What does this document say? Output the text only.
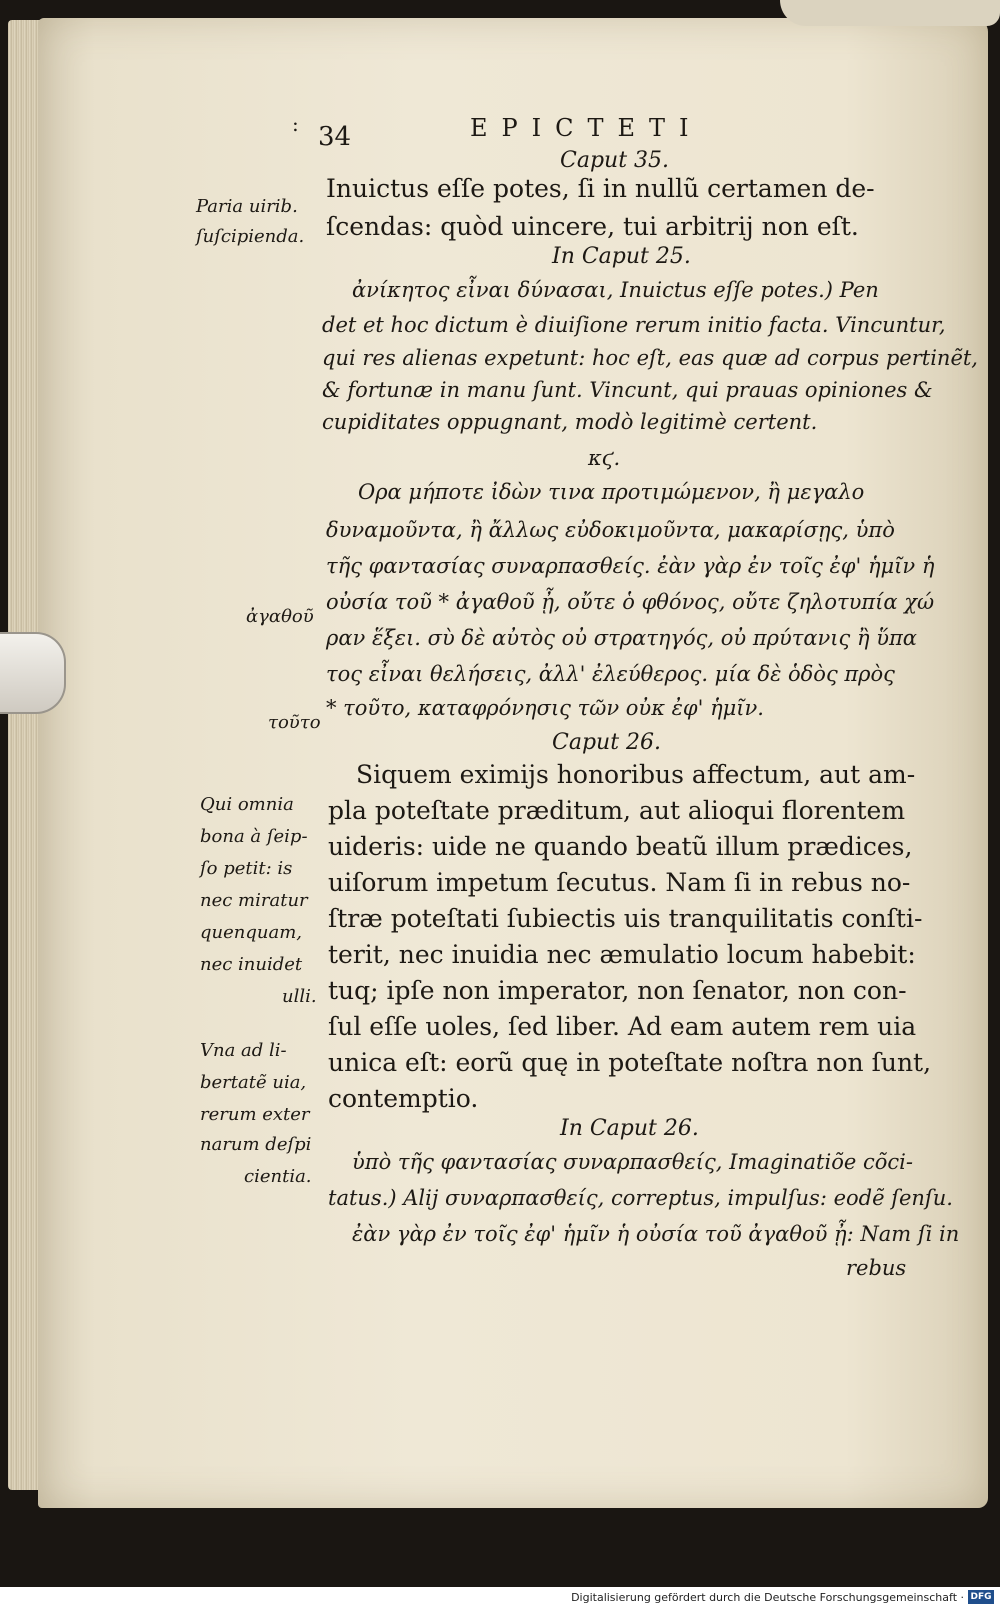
: 34	EPICTETI
Caput 35.
Inuictus eſſe potes, ſi in nullũ certamen de-
ſcendas: quòd uincere, tui arbitrij non eſt.
In Caput 25.
ἀνίκητος εἶναι δύνασαι, Inuictus eſſe potes.) Pen
det et hoc dictum è diuiſione rerum initio facta. Vincuntur,
qui res alienas expetunt: hoc eſt, eas quæ ad corpus pertinẽt,
& fortunæ in manu ſunt. Vincunt, qui prauas opiniones &
cupiditates oppugnant, modò legitimè certent.
κϛ.
Ορα μήποτε ἰδὼν τινα προτιμώμενον, ἢ μεγαλο
δυναμοῦντα, ἢ ἄλλως εὐδοκιμοῦντα, μακαρίσῃς, ὑπὸ
τῆς φαντασίας συναρπασθείς. ἐὰν γὰρ ἐν τοῖς ἐφ' ἡμῖν ἡ
οὐσία τοῦ * ἀγαθοῦ ᾖ, οὔτε ὁ φθόνος, οὔτε ζηλοτυπία χώ
ραν ἕξει. σὺ δὲ αὐτὸς οὐ στρατηγός, οὐ πρύτανις ἢ ὕπα
τος εἶναι θελήσεις, ἀλλ' ἐλεύθερος. μία δὲ ὁδὸς πρὸς
* τοῦτο, καταφρόνησις τῶν οὐκ ἐφ' ἡμῖν.
Caput 26.
Siquem eximijs honoribus affectum, aut am-
pla poteſtate præditum, aut alioqui florentem
uideris: uide ne quando beatũ illum prædices,
uiſorum impetum ſecutus. Nam ſi in rebus no-
ſtræ poteſtati ſubiectis uis tranquilitatis conſti-
terit, nec inuidia nec æmulatio locum habebit:
tuq; ipſe non imperator, non ſenator, non con-
ſul eſſe uoles, ſed liber. Ad eam autem rem uia
unica eſt: eorũ quę in poteſtate noſtra non ſunt,
contemptio.
In Caput 26.
ὑπὸ τῆς φαντασίας συναρπασθείς, Imaginatiõe cõci-
tatus.) Alij συναρπασθείς, correptus, impulſus: eodẽ ſenſu.
ἐὰν γὰρ ἐν τοῖς ἐφ' ἡμῖν ἡ οὐσία τοῦ ἀγαθοῦ ᾖ: Nam ſi in
rebus
Paria uirib.
ſuſcipienda.
ἀγαθοῦ
τοῦτο
Qui omnia
bona à ſeip-
ſo petit: is
nec miratur
quenquam,
nec inuidet
ulli.
Vna ad li-
bertatẽ uia,
rerum exter
narum deſpi
cientia.
Digitalisierung gefördert durch die Deutsche Forschungsgemeinschaft · DFG
